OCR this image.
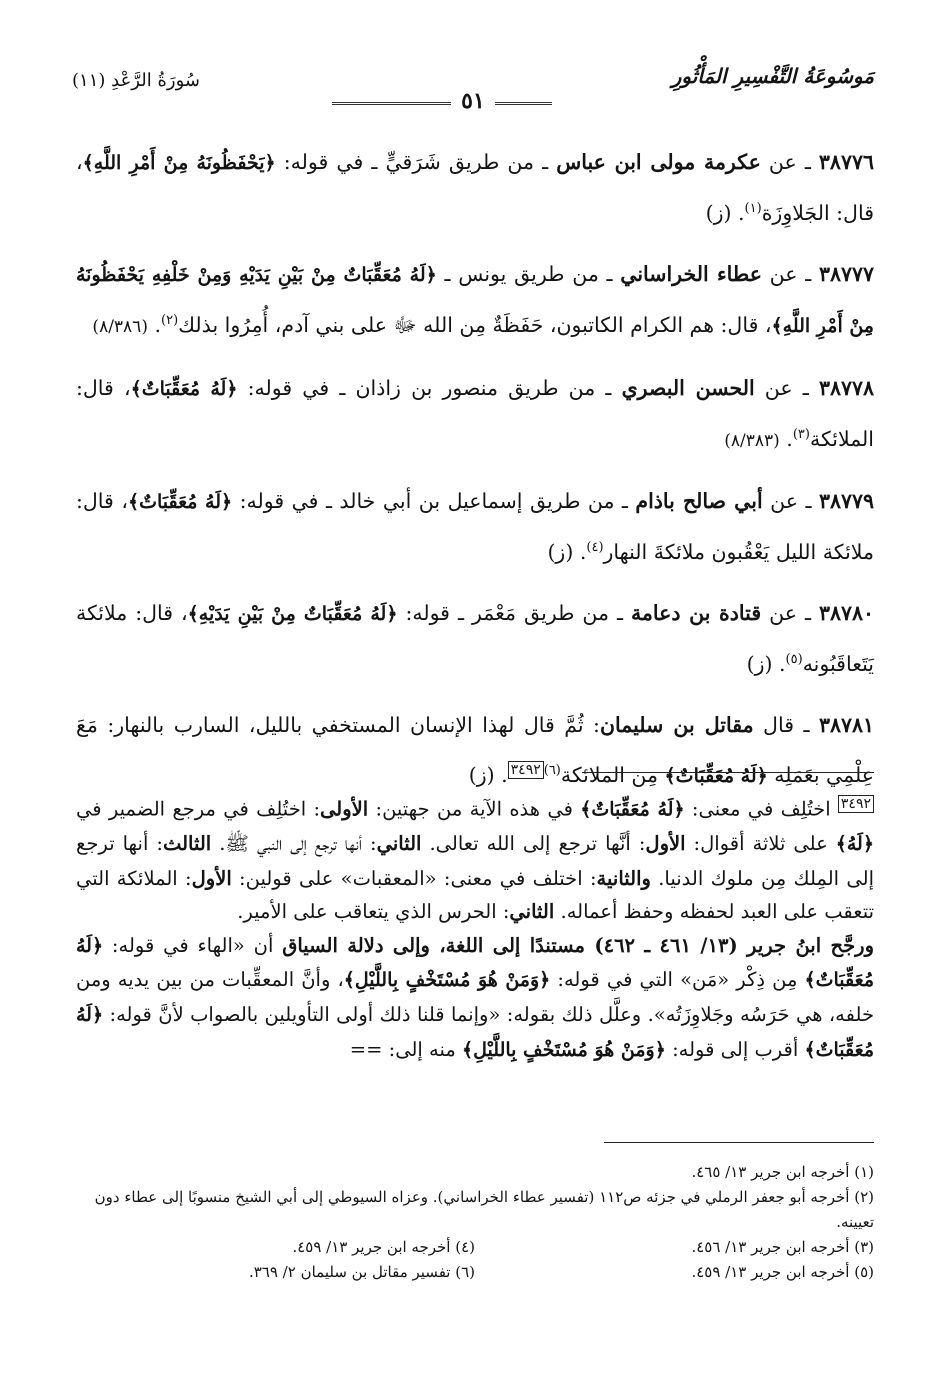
مَوسُوعَةُ التَّفْسِيرِ المَأْثُورِ
سُورَةُ الرَّعْدِ (١١)
٥١

٣٨٧٧٦ ـ عن عكرمة مولى ابن عباس ـ من طريق شَرَقيٍّ ـ في قوله: ﴿يَحْفَظُونَهُ مِنْ أَمْرِ اللَّهِ﴾، قال: الجَلاوِزَة$^{(١)}$. (ز)

٣٨٧٧٧ ـ عن عطاء الخراساني ـ من طريق يونس ـ ﴿لَهُ مُعَقِّبَاتٌ مِنْ بَيْنِ يَدَيْهِ وَمِنْ خَلْفِهِ يَحْفَظُونَهُ مِنْ أَمْرِ اللَّهِ﴾، قال: هم الكرام الكاتبون، حَفَظَةٌ مِن الله ﷻ على بني آدم، أُمِرُوا بذلك$^{(٢)}$. (٨/٣٨٦)

٣٨٧٧٨ ـ عن الحسن البصري ـ من طريق منصور بن زاذان ـ في قوله: ﴿لَهُ مُعَقِّبَاتٌ﴾، قال: الملائكة$^{(٣)}$. (٨/٣٨٣)

٣٨٧٧٩ ـ عن أبي صالح باذام ـ من طريق إسماعيل بن أبي خالد ـ في قوله: ﴿لَهُ مُعَقِّبَاتٌ﴾، قال: ملائكة الليل يَعْقُبون ملائكةَ النهار$^{(٤)}$. (ز)

٣٨٧٨٠ ـ عن قتادة بن دعامة ـ من طريق مَعْمَر ـ قوله: ﴿لَهُ مُعَقِّبَاتٌ مِنْ بَيْنِ يَدَيْهِ﴾، قال: ملائكة يَتَعاقَبُونه$^{(٥)}$. (ز)

٣٨٧٨١ ـ قال مقاتل بن سليمان: ثُمَّ قال لهذا الإنسان المستخفي بالليل، السارب بالنهار: مَعَ عِلْمِي بعَمَلِه ﴿لَهُ مُعَقِّبَاتٌ﴾ مِن الملائكة$^{(٦)٣٤٩٢}$. (ز)

$^{٣٤٩٢}$ اختُلِف في معنى: ﴿لَهُ مُعَقِّبَاتٌ﴾ في هذه الآية من جهتين: الأولى: اختُلِف في مرجع الضمير في ﴿لَهُ﴾ على ثلاثة أقوال: الأول: أنَّها ترجع إلى الله تعالى. الثاني: أنها ترجع إلى النبي ﷺ. الثالث: أنها ترجع إلى المِلك مِن ملوك الدنيا. والثانية: اختلف في معنى: «المعقبات» على قولين: الأول: الملائكة التي تتعقب على العبد لحفظه وحفظ أعماله. الثاني: الحرس الذي يتعاقب على الأمير.

ورجَّح ابنُ جرير (١٣/ ٤٦١ ـ ٤٦٢) مستندًا إلى اللغة، وإلى دلالة السياق أن «الهاء في قوله: ﴿لَهُ مُعَقِّبَاتٌ﴾ مِن ذِكْر «مَن» التي في قوله: ﴿وَمَنْ هُوَ مُسْتَخْفٍ بِاللَّيْلِ﴾، وأنَّ المعقِّبات من بين يديه ومن خلفه، هي حَرَسُه وجَلاوِزَتُه». وعلَّل ذلك بقوله: «وإنما قلنا ذلك أولى التأويلين بالصواب لأنَّ قوله: ﴿لَهُ مُعَقِّبَاتٌ﴾ أقرب إلى قوله: ﴿وَمَنْ هُوَ مُسْتَخْفٍ بِاللَّيْلِ﴾ منه إلى: ==

(١) أخرجه ابن جرير ١٣/ ٤٦٥.

(٢) أخرجه أبو جعفر الرملي في جزئه ص١١٢ (تفسير عطاء الخراساني). وعزاه السيوطي إلى أبي الشيخ منسوبًا إلى عطاء دون تعيينه.

(٣) أخرجه ابن جرير ١٣/ ٤٥٦.
(٤) أخرجه ابن جرير ١٣/ ٤٥٩.
(٥) أخرجه ابن جرير ١٣/ ٤٥٩.
(٦) تفسير مقاتل بن سليمان ٢/ ٣٦٩.
